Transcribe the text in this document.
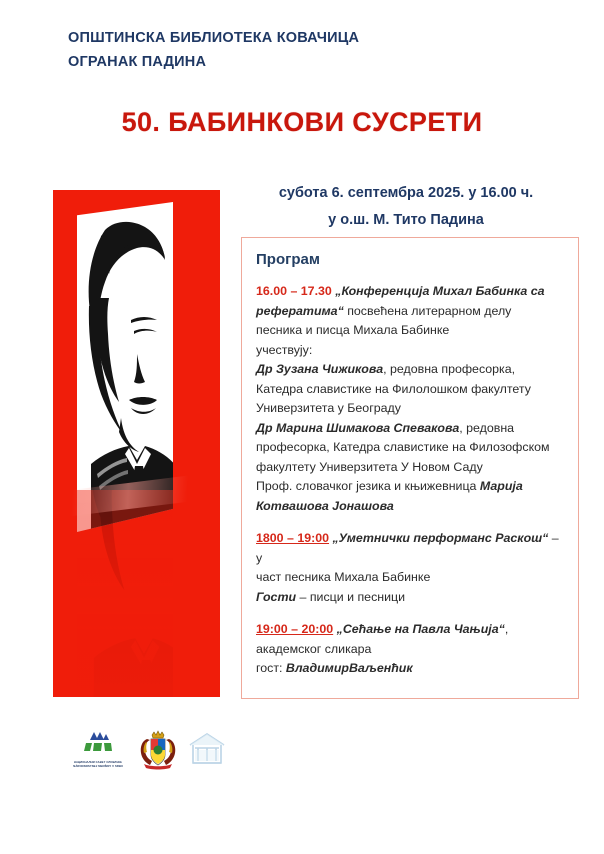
ОПШТИНСКА БИБЛИОТЕКА КОВАЧИЦА
ОГРАНАК ПАДИНА
50. БАБИНКОВИ СУСРЕТИ
субота 6. септембра 2025. у 16.00 ч.
у о.ш. М. Тито Падина
Програм
16.00 – 17.30 „Конференција Михал Бабинка са
рефератима“ посвећена литерарном делу
песника и писца Михала Бабинке
учествују:
Др Зузана Чижикова, редовна професорка,
Катедра славистике на Филолошком факултету
Универзитета у Београду
Др Марина Шимакова Спевакова, редовна
професорка, Катедра славистике на Филозофском
факултету Универзитета У Новом Саду
Проф. словачког језика и књижевница Марија
Котвашова Јонашова
1800 – 19:00 „Уметнички перформанс Раскош“ – у
част песника Михала Бабинке
Гости – писци и песници
19:00 – 20:00 „Сећање на Павла Чањија“,
академског сликара
гост: ВладимирВаљенћик
НАЦИОНАЛНИ САВЕТ СЛОВАЧКЕ
NÁRODNOSTNEJ MENŠINY V SRBII
